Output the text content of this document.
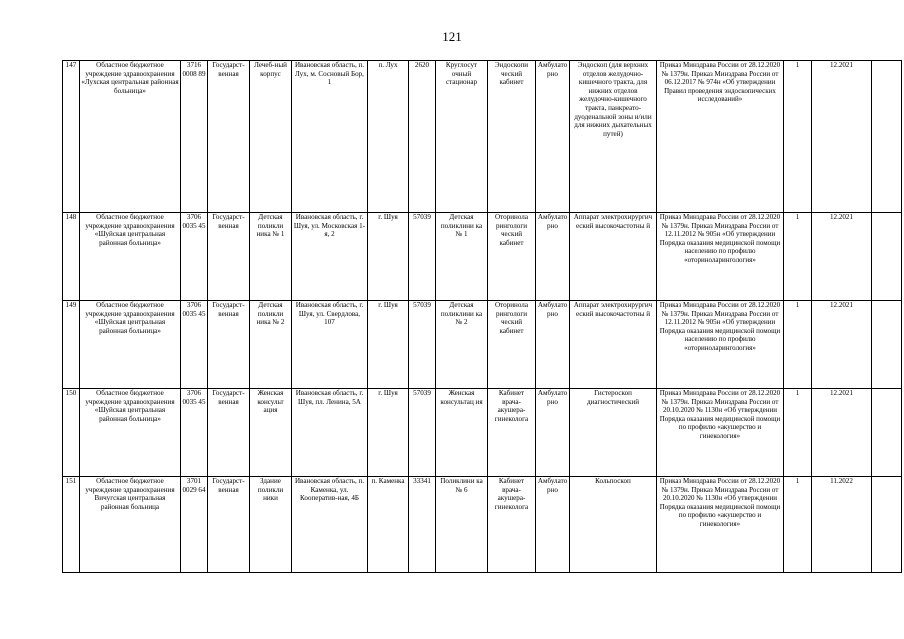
121
147	Областное бюджетное учреждение здравоохранения «Лухская центральная районная больница»	3716 0008 89	Государст-венная	Лечеб-ный корпус	Ивановская область, п. Лух, м. Сосновый Бор, 1	п. Лух	2620	Круглосут очный стационар	Эндоскопи ческий кабинет	Амбулато рно	Эндоскоп (для верхних отделов желудочно-кишечного тракта, для нижних отделов желудочно-кишечного тракта, панкреато-дуоденальной зоны и/или для нижних дыхательных путей)	Приказ Минздрава России от 28.12.2020 № 1379н. Приказ Минздрава России от 06.12.2017 № 974н «Об утверждении Правил проведения эндоскопических исследований»	1	12.2021	
148	Областное бюджетное учреждение здравоохранения «Шуйская центральная районная больница»	3706 0035 45	Государст-венная	Детская поликли ника № 1	Ивановская область, г. Шуя, ул. Московская 1-я, 2	г. Шуя	57039	Детская поликлини ка № 1	Оторинола рингологи ческий кабинет	Амбулато рно	Аппарат электрохирургич еский высокочастотны й	Приказ Минздрава России от 28.12.2020 № 1379н. Приказ Минздрава России от 12.11.2012 № 905н «Об утверждении Порядка оказания медицинской помощи населению по профилю «оториноларингология»	1	12.2021	
149	Областное бюджетное учреждение здравоохранения «Шуйская центральная районная больница»	3706 0035 45	Государст-венная	Детская поликли ника № 2	Ивановская область, г. Шуя, ул. Свердлова, 107	г. Шуя	57039	Детская поликлини ка № 2	Оторинола рингологи ческий кабинет	Амбулато рно	Аппарат электрохирургич еский высокочастотны й	Приказ Минздрава России от 28.12.2020 № 1379н. Приказ Минздрава России от 12.11.2012 № 905н «Об утверждении Порядка оказания медицинской помощи населению по профилю «оториноларингология»	1	12.2021	
150	Областное бюджетное учреждение здравоохранения «Шуйская центральная районная больница»	3706 0035 45	Государст-венная	Женская консульт ация	Ивановская область, г. Шуя, пл. Ленина, 5А	г. Шуя	57039	Женская консультац ия	Кабинет врача-акушера-гинеколога	Амбулато рно	Гистероскоп диагностический	Приказ Минздрава России от 28.12.2020 № 1379н. Приказ Минздрава России от 20.10.2020 № 1130н «Об утверждении Порядка оказания медицинской помощи по профилю «акушерство и гинекология»	1	12.2021	
151	Областное бюджетное учреждение здравоохранения Вичугская центральная районная больница	3701 0029 64	Государст-венная	Здание поликли ники	Ивановская область, п. Каменка, ул. Кооператив-ная, 4Б	п. Каменка	33341	Поликлини ка № 6	Кабинет врача-акушера-гинеколога	Амбулато рно	Кольпоскоп	Приказ Минздрава России от 28.12.2020 № 1379н. Приказ Минздрава России от 20.10.2020 № 1130н «Об утверждении Порядка оказания медицинской помощи по профилю «акушерство и гинекология»	1	11.2022	
